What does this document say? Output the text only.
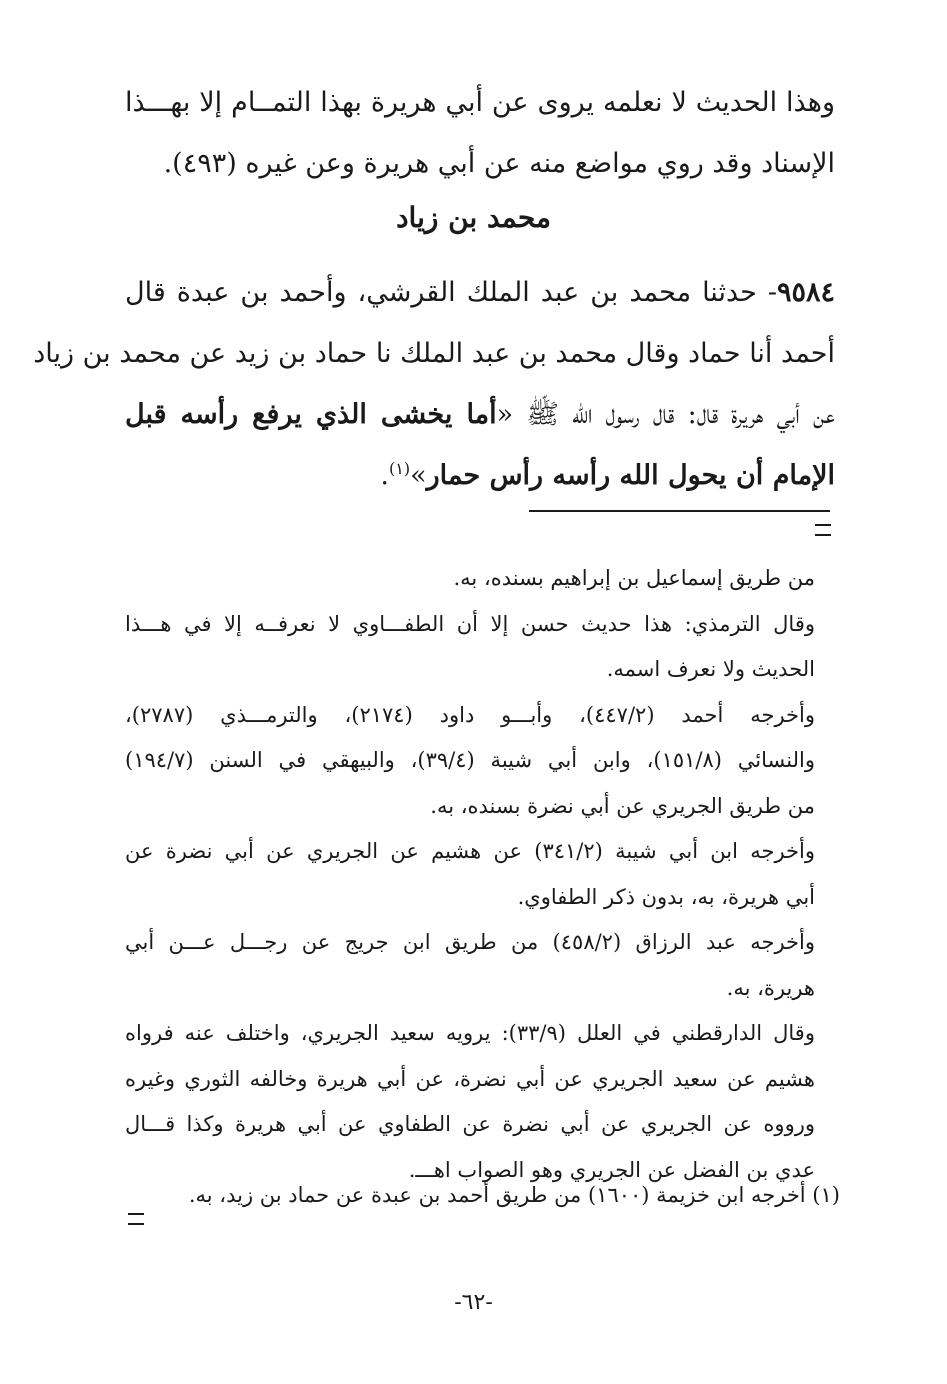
وهذا الحديث لا نعلمه يروى عن أبي هريرة بهذا التمــام إلا بهـــذا
الإسناد وقد روي مواضع منه عن أبي هريرة وعن غيره (٤٩٣).
محمد بن زياد
٩٥٨٤- حدثنا محمد بن عبد الملك القرشي، وأحمد بن عبدة قال
أحمد أنا حماد وقال محمد بن عبد الملك نا حماد بن زيد عن محمد بن زياد
عن أبي هريرة قال: قال رسول الله ﷺ «أما يخشى الذي يرفع رأسه قبل
الإمام أن يحول الله رأسه رأس حمار»$^{(١)}$.
من طريق إسماعيل بن إبراهيم بسنده، به.
وقال الترمذي: هذا حديث حسن إلا أن الطفـــاوي لا نعرفــه إلا في هـــذا
الحديث ولا نعرف اسمه.
وأخرجه أحمد (٤٤٧/٢)، وأبـــو داود (٢١٧٤)، والترمـــذي (٢٧٨٧)،
والنسائي (١٥١/٨)، وابن أبي شيبة (٣٩/٤)، والبيهقي في السنن (١٩٤/٧)
من طريق الجريري عن أبي نضرة بسنده، به.
وأخرجه ابن أبي شيبة (٣٤١/٢) عن هشيم عن الجريري عن أبي نضرة عن
أبي هريرة، به، بدون ذكر الطفاوي.
وأخرجه عبد الرزاق (٤٥٨/٢) من طريق ابن جريج عن رجـــل عـــن أبي
هريرة، به.
وقال الدارقطني في العلل (٣٣/٩): يرويه سعيد الجريري، واختلف عنه فرواه
هشيم عن سعيد الجريري عن أبي نضرة، عن أبي هريرة وخالفه الثوري وغيره
ورووه عن الجريري عن أبي نضرة عن الطفاوي عن أبي هريرة وكذا قـــال
عدي بن الفضل عن الجريري وهو الصواب اهـــ.
(١) أخرجه ابن خزيمة (١٦٠٠) من طريق أحمد بن عبدة عن حماد بن زيد، به.
-٦٢-
